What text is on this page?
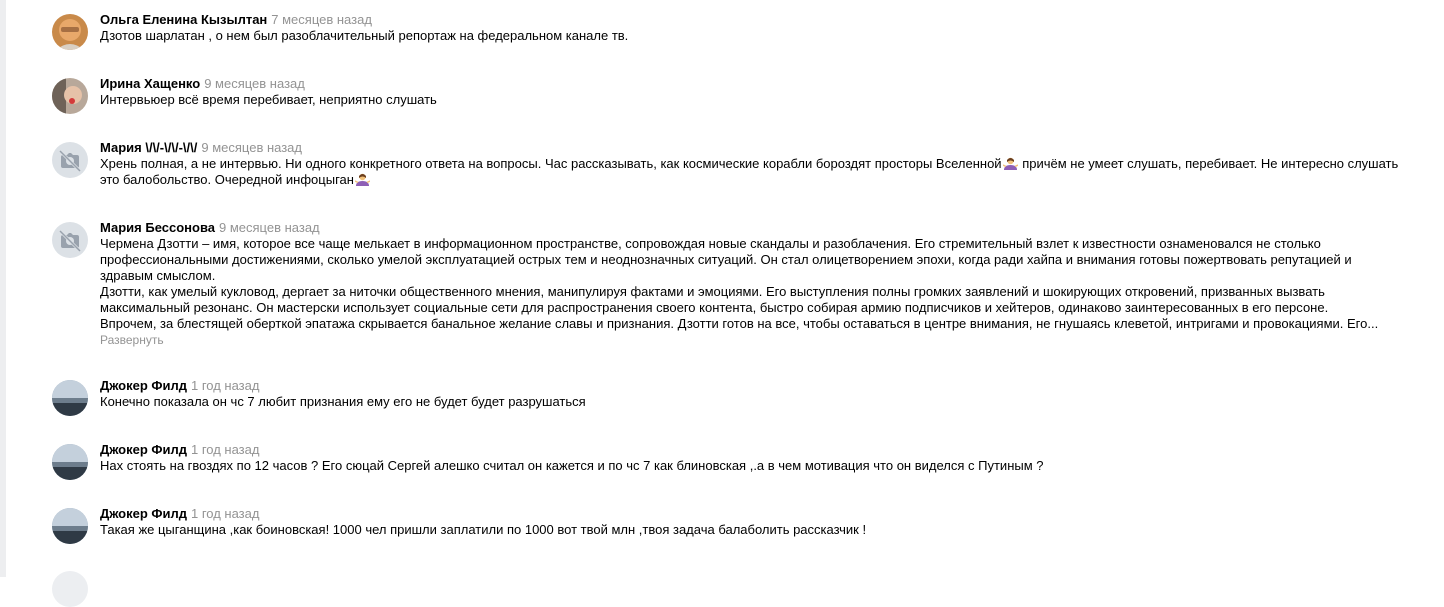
Ольга Еленина Кызылтан 7 месяцев назад
Дзотов шарлатан , о нем был разоблачительный репортаж на федеральном канале тв.
Ирина Хащенко 9 месяцев назад
Интервьюер всё время перебивает, неприятно слушать
Мария \/\/-\/\/-\/\/ 9 месяцев назад
Хрень полная, а не интервью. Ни одного конкретного ответа на вопросы. Час рассказывать, как космические корабли бороздят просторы Вселенной
причём не умеет слушать, перебивает. Не интересно слушать
это балобольство. Очередной инфоцыган
Мария Бессонова 9 месяцев назад
Чермена Дзотти – имя, которое все чаще мелькает в информационном пространстве, сопровождая новые скандалы и разоблачения. Его стремительный взлет к известности ознаменовался не столько
профессиональными достижениями, сколько умелой эксплуатацией острых тем и неоднозначных ситуаций. Он стал олицетворением эпохи, когда ради хайпа и внимания готовы пожертвовать репутацией и
здравым смыслом.
Дзотти, как умелый кукловод, дергает за ниточки общественного мнения, манипулируя фактами и эмоциями. Его выступления полны громких заявлений и шокирующих откровений, призванных вызвать
максимальный резонанс. Он мастерски использует социальные сети для распространения своего контента, быстро собирая армию подписчиков и хейтеров, одинаково заинтересованных в его персоне.
Впрочем, за блестящей оберткой эпатажа скрывается банальное желание славы и признания. Дзотти готов на все, чтобы оставаться в центре внимания, не гнушаясь клеветой, интригами и провокациями. Его...
Развернуть
Джокер Филд 1 год назад
Конечно показала он чс 7 любит признания ему его не будет будет разрушаться
Джокер Филд 1 год назад
Нах стоять на гвоздях по 12 часов ? Его сюцай Сергей алешко считал он кажется и по чс 7 как блиновская ,.а в чем мотивация что он виделся с Путиным ?
Джокер Филд 1 год назад
Такая же цыганщина ,как боиновская! 1000 чел пришли заплатили по 1000 вот твой млн ,твоя задача балаболить рассказчик !
